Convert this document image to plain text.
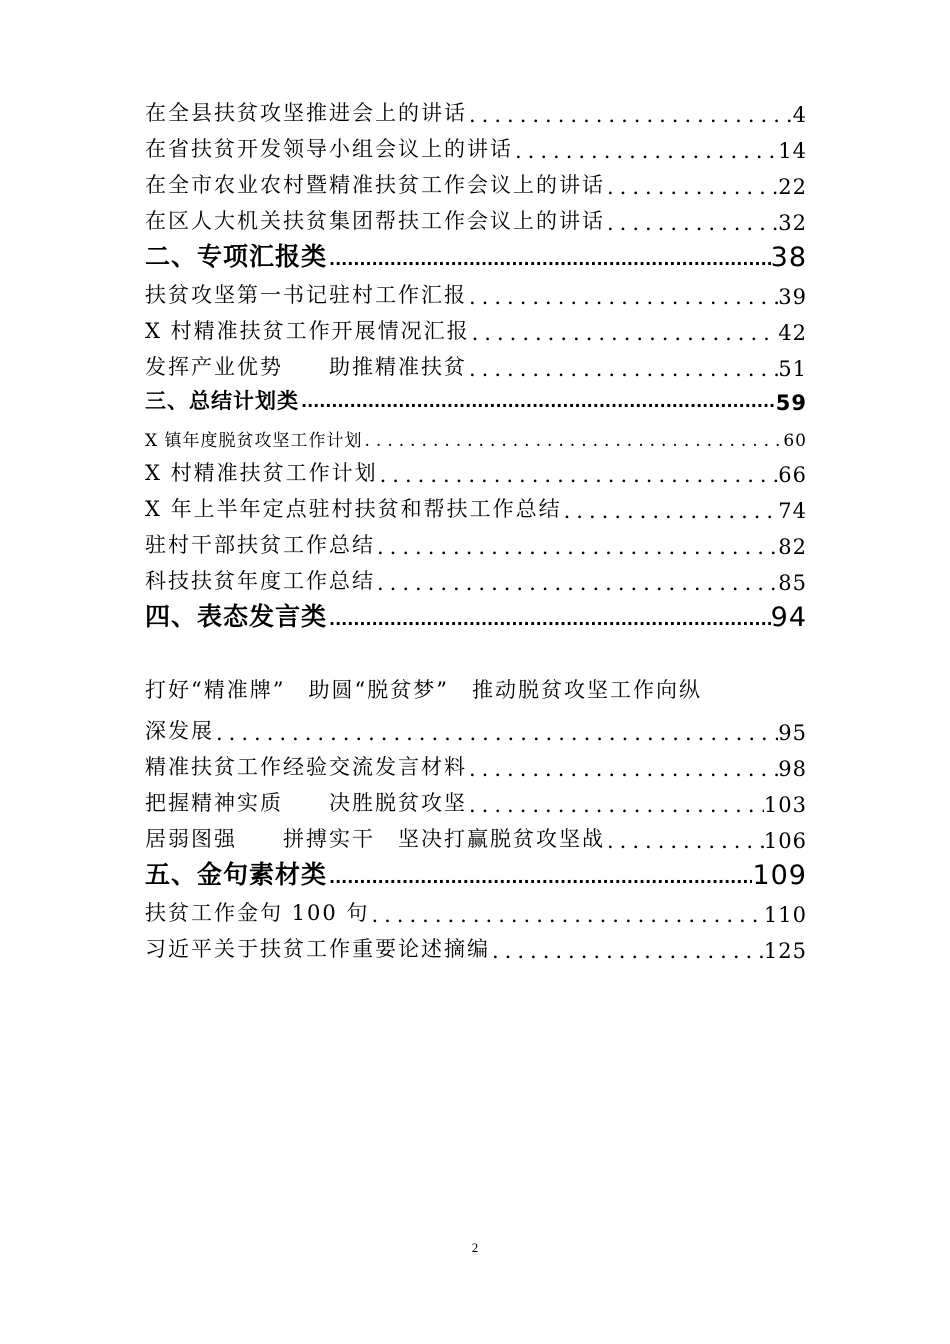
在全县扶贫攻坚推进会上的讲话 .....	4
在省扶贫开发领导小组会议上的讲话 .....	14
在全市农业农村暨精准扶贫工作会议上的讲话 .....	22
在区人大机关扶贫集团帮扶工作会议上的讲话 .....	32
二、专项汇报类 .....	38
扶贫攻坚第一书记驻村工作汇报 .....	39
X 村精准扶贫工作开展情况汇报 .....	42
发挥产业优势　　助推精准扶贫 .....	51
三、总结计划类 .....	59
X 镇年度脱贫攻坚工作计划 .....	60
X 村精准扶贫工作计划 .....	66
X 年上半年定点驻村扶贫和帮扶工作总结 .....	74
驻村干部扶贫工作总结 .....	82
科技扶贫年度工作总结 .....	85
四、表态发言类 .....	94
打好“精准牌”　助圆“脱贫梦”　推动脱贫攻坚工作向纵
深发展 .....	95
精准扶贫工作经验交流发言材料 .....	98
把握精神实质　　决胜脱贫攻坚 .....	103
居弱图强　　拼搏实干　坚决打赢脱贫攻坚战 .....	106
五、金句素材类 .....	109
扶贫工作金句 100 句 .....	110
习近平关于扶贫工作重要论述摘编 .....	125
2
